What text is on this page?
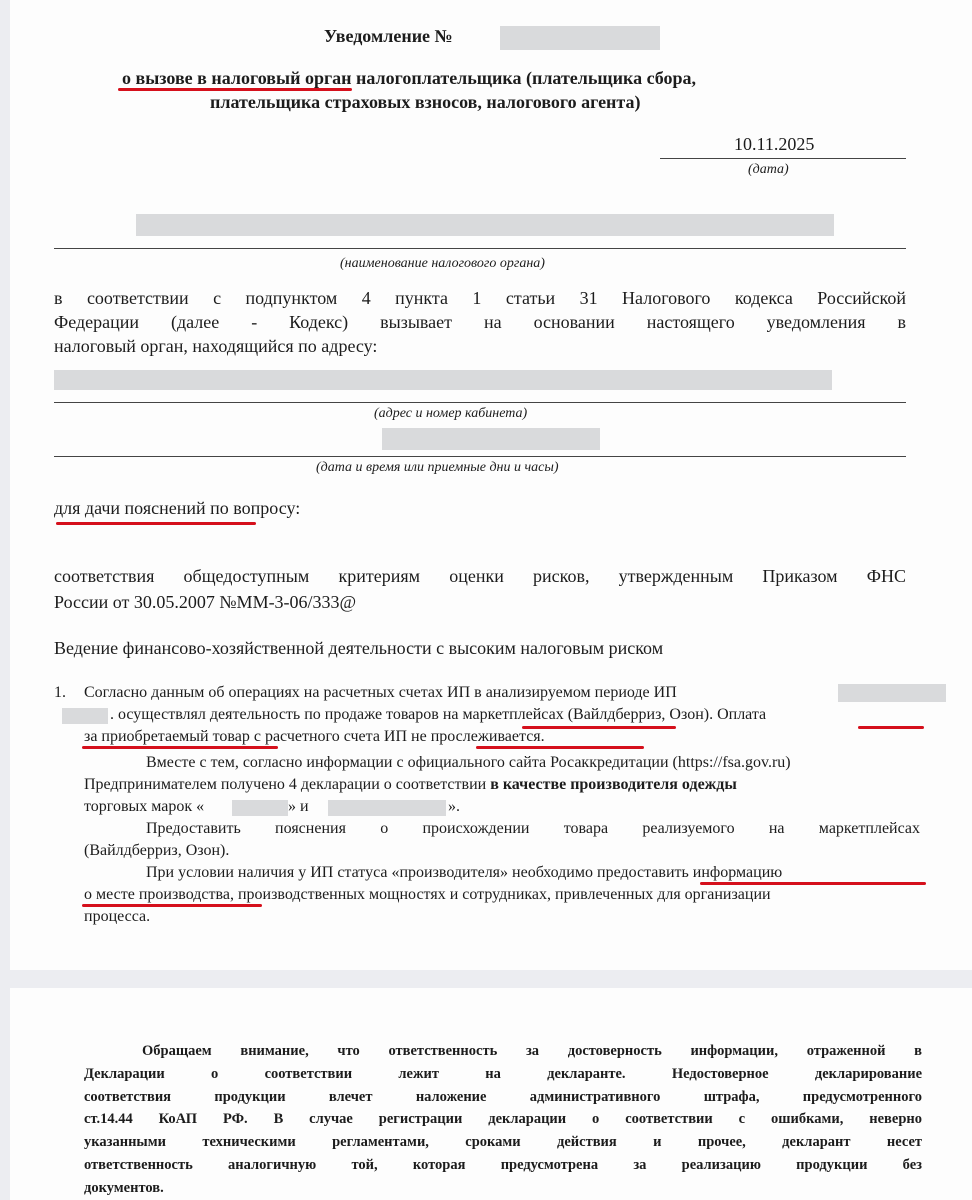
Уведомление №
о вызове в налоговый орган налогоплательщика (плательщика сбора,
плательщика страховых взносов, налогового агента)
10.11.2025
(дата)
(наименование налогового органа)
в соответствии с подпунктом 4 пункта 1 статьи 31 Налогового кодекса Российской
Федерации (далее - Кодекс) вызывает на основании настоящего уведомления в
налоговый орган, находящийся по адресу:
(адрес и номер кабинета)
(дата и время или приемные дни и часы)
для дачи пояснений по вопросу:
соответствия общедоступным критериям оценки рисков, утвержденным Приказом ФНС
России от 30.05.2007 №ММ-3-06/333@
Ведение финансово-хозяйственной деятельности с высоким налоговым риском
1. Согласно данным об операциях на расчетных счетах ИП в анализируемом периоде ИП
. осуществлял деятельность по продаже товаров на маркетплейсах (Вайлдберриз, Озон). Оплата
за приобретаемый товар с расчетного счета ИП не прослеживается.
Вместе с тем, согласно информации с официального сайта Росаккредитации (https://fsa.gov.ru)
Предпринимателем получено 4 декларации о соответствии в качестве производителя одежды
торговых марок «	» и	».
Предоставить пояснения о происхождении товара реализуемого на маркетплейсах
(Вайлдберриз, Озон).
При условии наличия у ИП статуса «производителя» необходимо предоставить информацию
о месте производства, производственных мощностях и сотрудниках, привлеченных для организации
процесса.
Обращаем внимание, что ответственность за достоверность информации, отраженной в
Декларации о соответствии лежит на декларанте. Недостоверное декларирование
соответствия продукции влечет наложение административного штрафа, предусмотренного
ст.14.44 КоАП РФ. В случае регистрации декларации о соответствии с ошибками, неверно
указанными техническими регламентами, сроками действия и прочее, декларант несет
ответственность аналогичную той, которая предусмотрена за реализацию продукции без
документов.
